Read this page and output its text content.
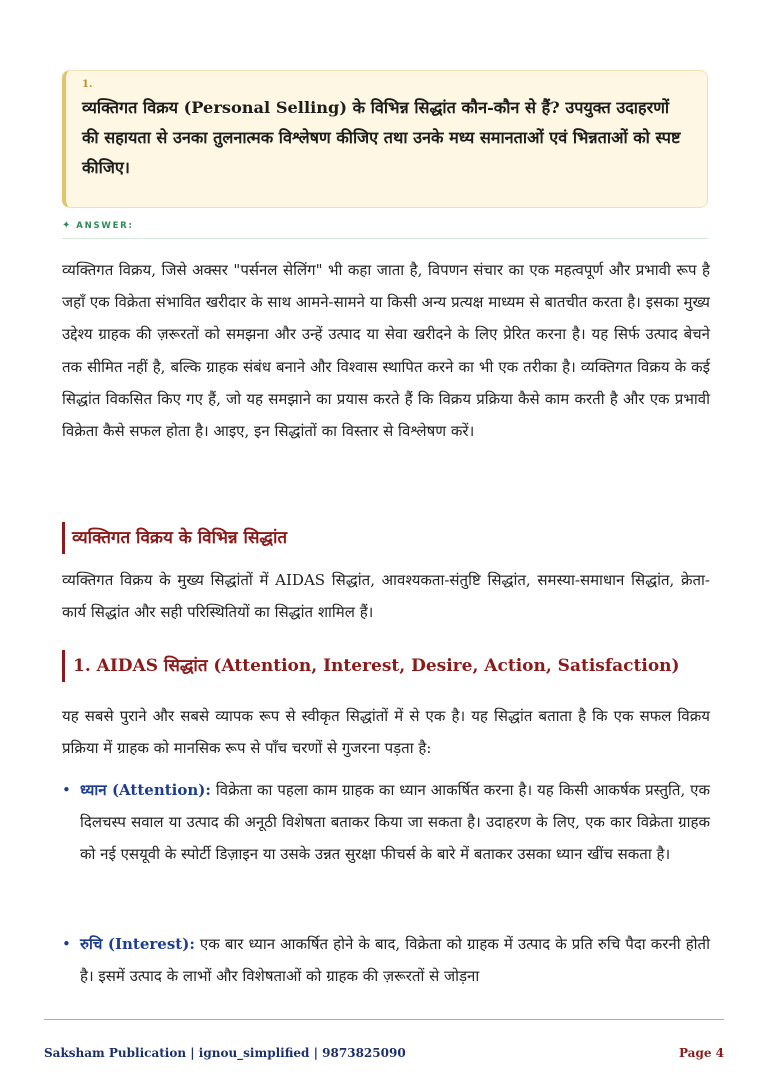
1.
व्यक्तिगत विक्रय (Personal Selling) के विभिन्न सिद्धांत कौन-कौन से हैं? उपयुक्त उदाहरणों की सहायता से उनका तुलनात्मक विश्लेषण कीजिए तथा उनके मध्य समानताओं एवं भिन्नताओं को स्पष्ट कीजिए।
✦ ANSWER:
व्यक्तिगत विक्रय, जिसे अक्सर "पर्सनल सेलिंग" भी कहा जाता है, विपणन संचार का एक महत्वपूर्ण और प्रभावी रूप है जहाँ एक विक्रेता संभावित खरीदार के साथ आमने-सामने या किसी अन्य प्रत्यक्ष माध्यम से बातचीत करता है। इसका मुख्य उद्देश्य ग्राहक की ज़रूरतों को समझना और उन्हें उत्पाद या सेवा खरीदने के लिए प्रेरित करना है। यह सिर्फ उत्पाद बेचने तक सीमित नहीं है, बल्कि ग्राहक संबंध बनाने और विश्वास स्थापित करने का भी एक तरीका है। व्यक्तिगत विक्रय के कई सिद्धांत विकसित किए गए हैं, जो यह समझाने का प्रयास करते हैं कि विक्रय प्रक्रिया कैसे काम करती है और एक प्रभावी विक्रेता कैसे सफल होता है। आइए, इन सिद्धांतों का विस्तार से विश्लेषण करें।
व्यक्तिगत विक्रय के विभिन्न सिद्धांत
व्यक्तिगत विक्रय के मुख्य सिद्धांतों में AIDAS सिद्धांत, आवश्यकता-संतुष्टि सिद्धांत, समस्या-समाधान सिद्धांत, क्रेता-कार्य सिद्धांत और सही परिस्थितियों का सिद्धांत शामिल हैं।
1. AIDAS सिद्धांत (Attention, Interest, Desire, Action, Satisfaction)
यह सबसे पुराने और सबसे व्यापक रूप से स्वीकृत सिद्धांतों में से एक है। यह सिद्धांत बताता है कि एक सफल विक्रय प्रक्रिया में ग्राहक को मानसिक रूप से पाँच चरणों से गुजरना पड़ता है:
• ध्यान (Attention): विक्रेता का पहला काम ग्राहक का ध्यान आकर्षित करना है। यह किसी आकर्षक प्रस्तुति, एक दिलचस्प सवाल या उत्पाद की अनूठी विशेषता बताकर किया जा सकता है। उदाहरण के लिए, एक कार विक्रेता ग्राहक को नई एसयूवी के स्पोर्टी डिज़ाइन या उसके उन्नत सुरक्षा फीचर्स के बारे में बताकर उसका ध्यान खींच सकता है।
• रुचि (Interest): एक बार ध्यान आकर्षित होने के बाद, विक्रेता को ग्राहक में उत्पाद के प्रति रुचि पैदा करनी होती है। इसमें उत्पाद के लाभों और विशेषताओं को ग्राहक की ज़रूरतों से जोड़ना
Saksham Publication | ignou_simplified | 9873825090	Page 4
